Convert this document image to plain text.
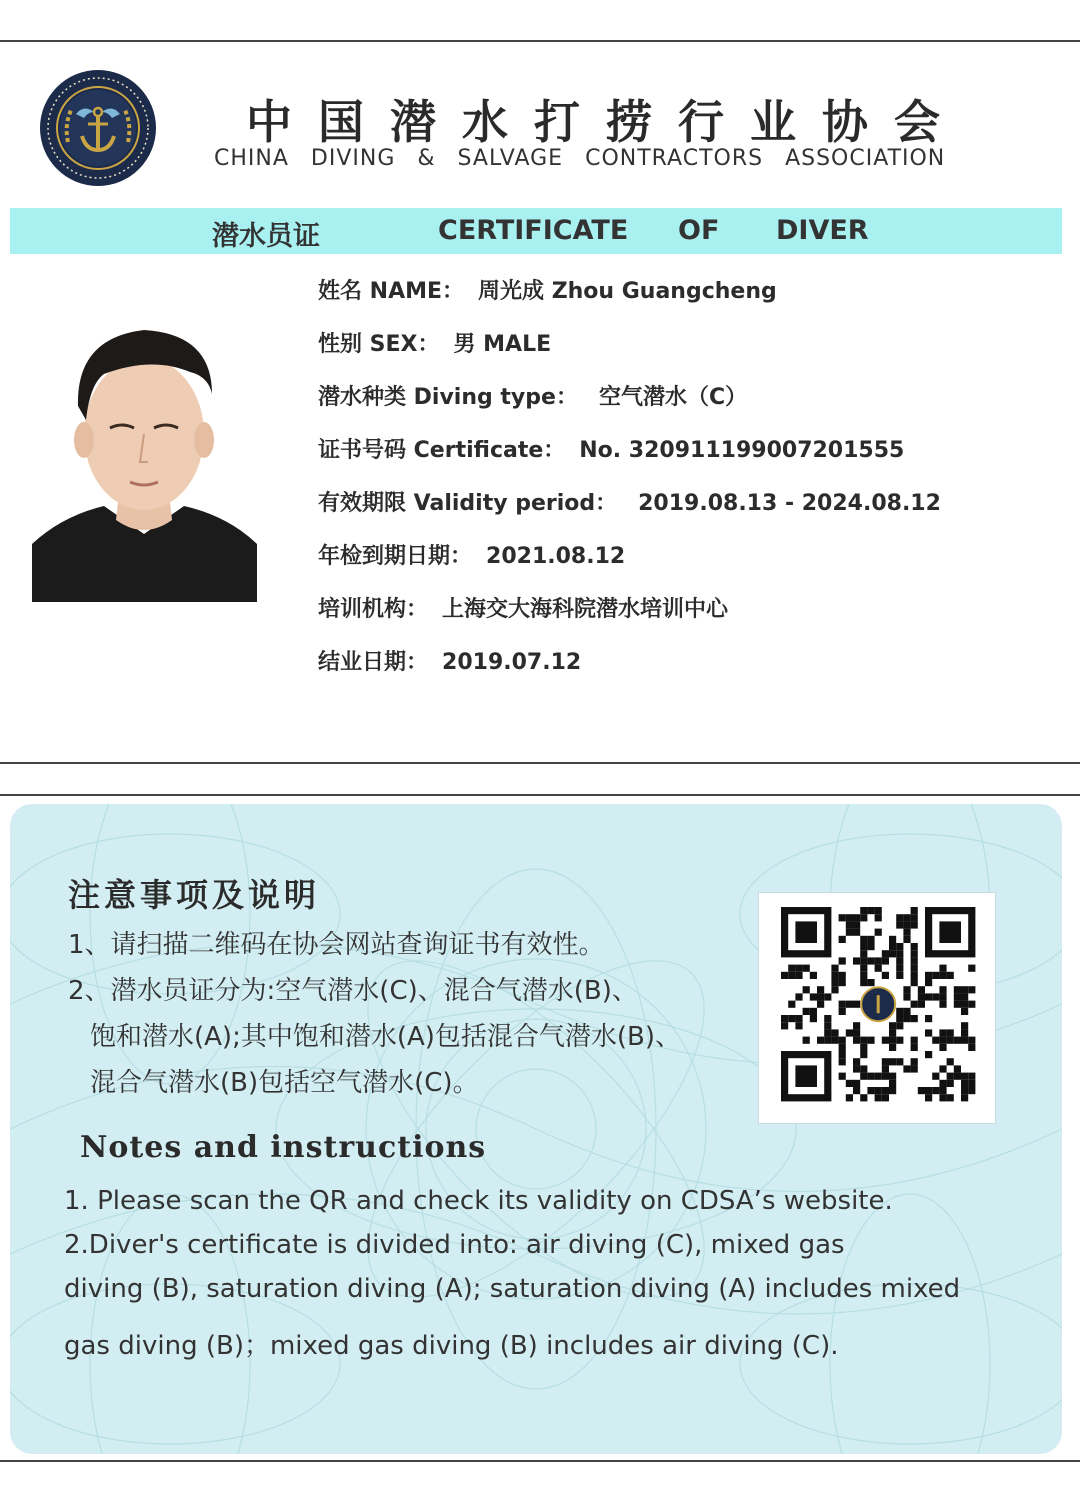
中国潜水打捞行业协会
CHINA DIVING & SALVAGE CONTRACTORS ASSOCIATION
潜水员证	CERTIFICATE OF DIVER
姓名 NAME： 周光成 Zhou Guangcheng
性别 SEX： 男 MALE
潜水种类 Diving type： 空气潜水（C）
证书号码 Certificate： No. 320911199007201555
有效期限 Validity period： 2019.08.13 - 2024.08.12
年检到期日期： 2021.08.12
培训机构： 上海交大海科院潜水培训中心
结业日期： 2019.07.12
注意事项及说明
1、请扫描二维码在协会网站查询证书有效性。
2、潜水员证分为:空气潜水(C)、混合气潜水(B)、
饱和潜水(A);其中饱和潜水(A)包括混合气潜水(B)、
混合气潜水(B)包括空气潜水(C)。
Notes and instructions
1. Please scan the QR and check its validity on CDSA’s website.
2.Diver's certificate is divided into: air diving (C), mixed gas
diving (B), saturation diving (A); saturation diving (A) includes mixed
gas diving (B)；mixed gas diving (B) includes air diving (C).
